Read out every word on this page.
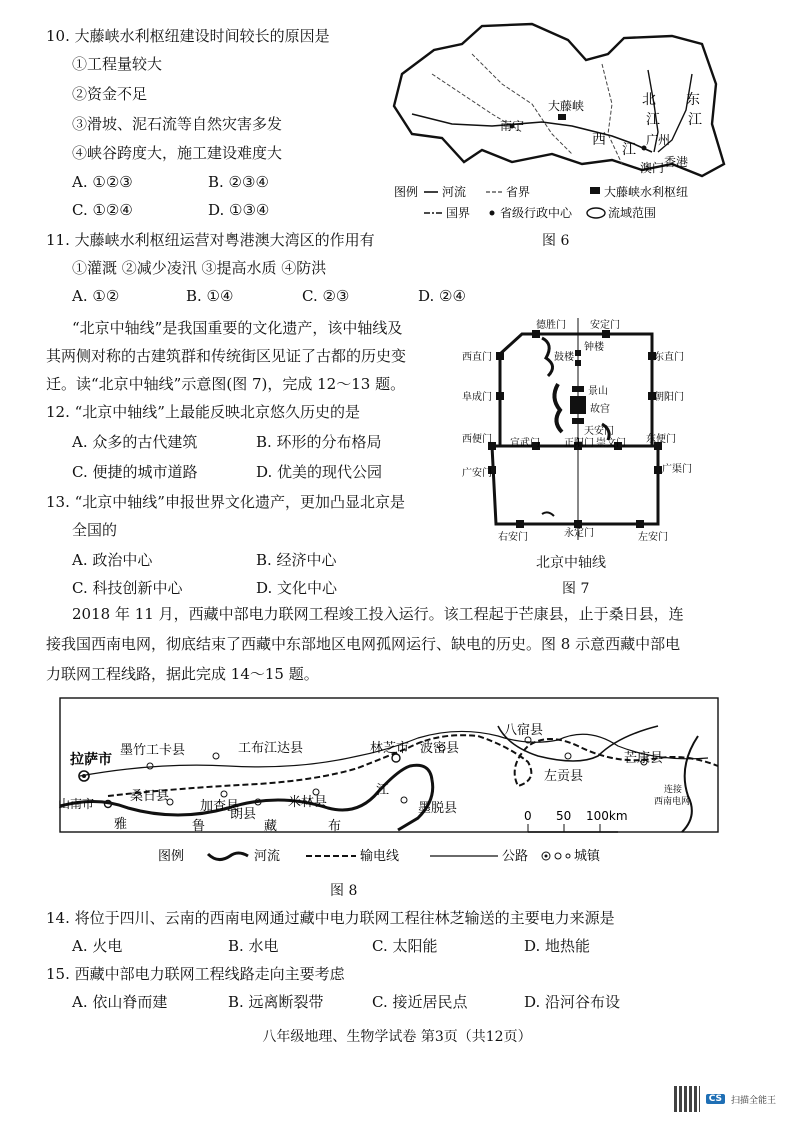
10. 大藤峡水利枢纽建设时间较长的原因是
①工程量较大
②资金不足
③滑坡、泥石流等自然灾害多发
④峡谷跨度大，施工建设难度大
A. ①②③	B. ②③④
C. ①②④	D. ①③④
大藤峡
南宁
西
江
北
江
广州
东
江
澳门 香港
图例 河流	省界	大藤峡水利枢纽
国界 省级行政中心	流域范围
图 6
11. 大藤峡水利枢纽运营对粤港澳大湾区的作用有
①灌溉 ②减少凌汛 ③提高水质 ④防洪
A. ①②	B. ①④	C. ②③	D. ②④
“北京中轴线”是我国重要的文化遗产，该中轴线及
其两侧对称的古建筑群和传统街区见证了古都的历史变
迁。读“北京中轴线”示意图(图 7)，完成 12～13 题。
12. “北京中轴线”上最能反映北京悠久历史的是
A. 众多的古代建筑	B. 环形的分布格局
C. 便捷的城市道路	D. 优美的现代公园
13. “北京中轴线”申报世界文化遗产，更加凸显北京是
全国的
A. 政治中心	B. 经济中心
C. 科技创新中心	D. 文化中心
德胜门 安定门
西直门	东直门
钟楼
鼓楼
阜成门	朝阳门
景山
故宫
天安门
西便门 宣武门 正阳门 崇文门 东便门
广安门	广渠门
右安门	永定门	左安门
北京中轴线
图 7
2018 年 11 月，西藏中部电力联网工程竣工投入运行。该工程起于芒康县，止于桑日县，连
接我国西南电网，彻底结束了西藏中东部地区电网孤网运行、缺电的历史。图 8 示意西藏中部电
力联网工程线路，据此完成 14～15 题。
拉萨市
墨竹工卡县	工布江达县	林芝市 波密县
八宿县
芒康县
山南市	桑日县
加查县
朗县
米林县	墨脱县
左贡县
雅	鲁	藏	布
江	连接
西南电网
0 50 100km
图例	河流	输电线	公路	城镇
图 8
14. 将位于四川、云南的西南电网通过藏中电力联网工程往林芝输送的主要电力来源是
A. 火电	B. 水电	C. 太阳能	D. 地热能
15. 西藏中部电力联网工程线路走向主要考虑
A. 依山脊而建	B. 远离断裂带	C. 接近居民点	D. 沿河谷布设
八年级地理、生物学试卷 第3页（共12页）
CS	扫描全能王
